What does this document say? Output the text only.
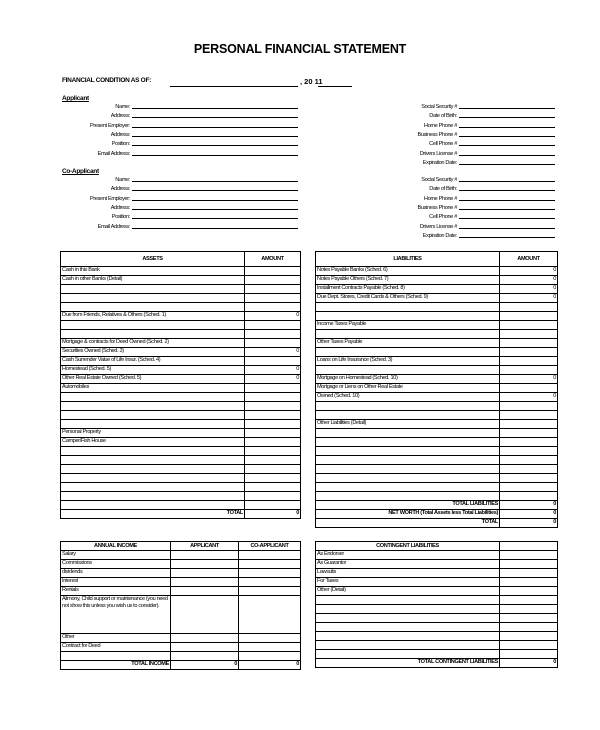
PERSONAL FINANCIAL STATEMENT
FINANCIAL CONDITION AS OF:	, 20 11
Applicant
Co-Applicant
Name:
Address:
Present Employer:
Address:
Position:
Email Address:
Social Security #
Date of Birth:
Home Phone #
Business Phone #
Cell Phone #
Drivers License #
Expiration Date:
Name:
Address:
Present Employer:
Address:
Position:
Email Address:
Social Security #
Date of Birth:
Home Phone #
Business Phone #
Cell Phone #
Drivers License #
Expiration Date:
ASSETS	AMOUNT
Cash in this Bank	
Cash in other Banks (Detail)	

Due from Friends, Relatives & Others (Sched. 1)	0

Mortgage & contracts for Deed Owned (Sched. 2)	
Securities Owned (Sched. 3)	0
Cash Surrender Value of Life Insur. (Sched. 4)	
Homestead (Sched. 5)	0
Other Real Estate Owned (Sched. 5)	0
Automobiles	

Personal Property	
Camper/Fish House	

TOTAL	0
LIABILITIES	AMOUNT
Notes Payable Banks (Sched. 6)	0
Notes Payable Others (Sched. 7)	0
Installment Contracts Payable (Sched. 8)	0
Due Dept. Stores, Credit Cards & Others (Sched. 9)	0

Income Taxes Payable	

Other Taxes Payable	

Loans on Life Insurance (Sched. 3)	

Mortgage on Homestead (Sched. 10)	0
Mortgage or Liens on Other Real Estate	
Owned (Sched. 10)	0

Other Liabilities (Detail)	

TOTAL LIABILITIES	0
NET WORTH (Total Assets less Total Liabilities)	0
TOTAL	0
ANNUAL INCOME	APPLICANT	CO-APPLICANT
Salary		
Commissions		
dividends		
Interest		
Rentals		
Alimony, Child support or maintenance (you need not show this unless you wish us to consider).		
Other		
Contract for Deed		

TOTAL INCOME	0	0
CONTINGENT LIABILITIES	
As Endorser	
As Guarantor	
Lawsuits	
For Taxes	
Other (Detail)	

TOTAL CONTINGENT LIABILITIES	0
